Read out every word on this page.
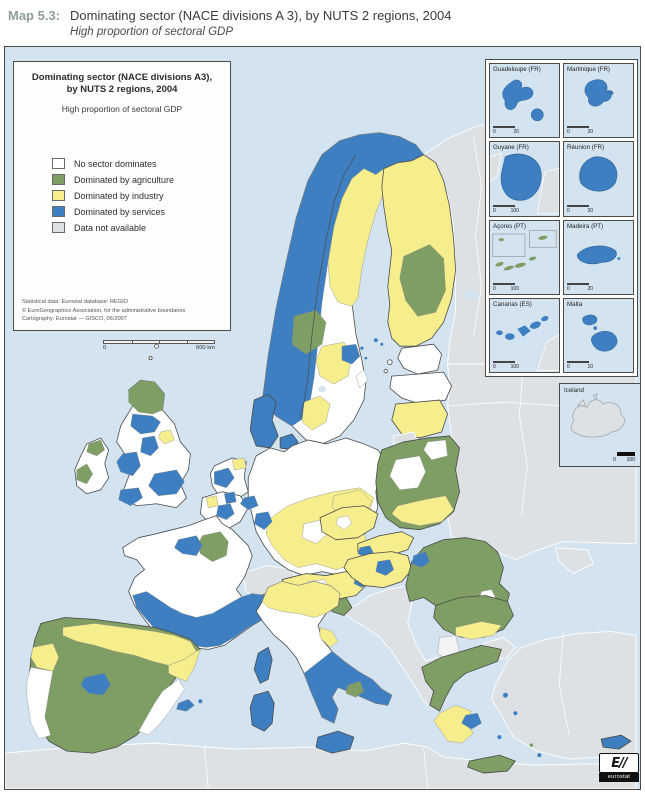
Map 5.3: Dominating sector (NACE divisions A 3), by NUTS 2 regions, 2004
High proportion of sectoral GDP
Dominating sector (NACE divisions A3),
by NUTS 2 regions, 2004
High proportion of sectoral GDP
No sector dominates
Dominated by agriculture
Dominated by industry
Dominated by services
Data not available
Statistical data: Eurostat database: REGIO
© EuroGeographics Association, for the administrative boundaries
Cartography: Eurostat — GISCO, 06/2007
0	600 km
Guadeloupe (FR)
0	20
Martinique (FR)
0	20
Guyane (FR)
0	100
Réunion (FR)
0	20
Açores (PT)
0	100
Madeira (PT)
0	20
Canarias (ES)
0	100
Malta
0	10
Iceland
0 100
E//
eurostat
